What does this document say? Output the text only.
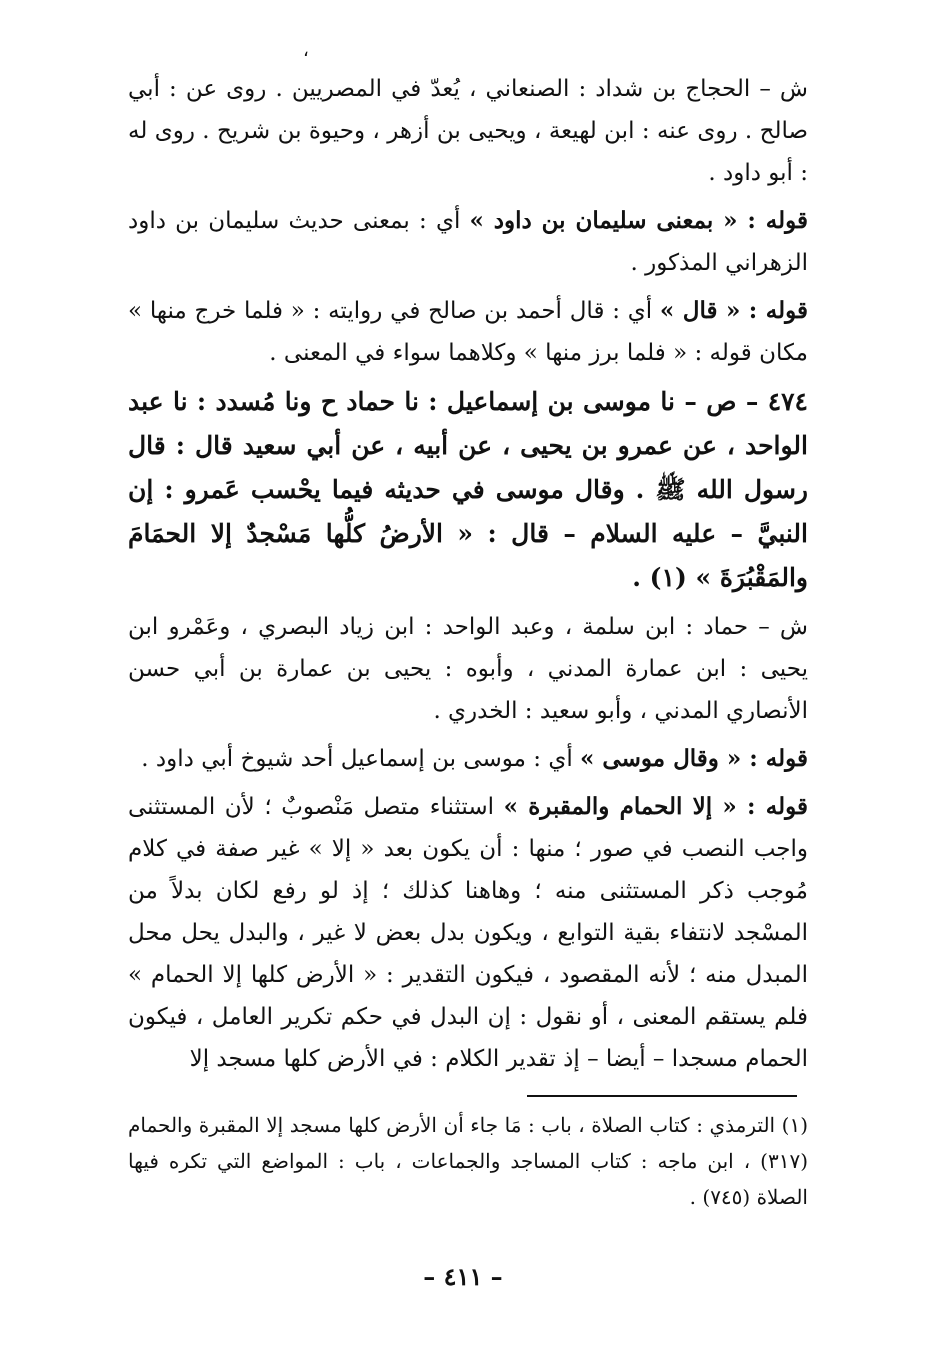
،

ش – الحجاج بن شداد : الصنعاني ، يُعدّ في المصريين . روى عن : أبي صالح . روى عنه : ابن لهيعة ، ويحيى بن أزهر ، وحيوة بن شريح . روى له : أبو داود .

قوله : « بمعنى سليمان بن داود » أي : بمعنى حديث سليمان بن داود الزهراني المذكور .

قوله : « قال » أي : قال أحمد بن صالح في روايته : « فلما خرج منها » مكان قوله : « فلما برز منها » وكلاهما سواء في المعنى .

٤٧٤ – ص – نا موسى بن إسماعيل : نا حماد ح ونا مُسدد : نا عبد الواحد ، عن عمرو بن يحيى ، عن أبيه ، عن أبي سعيد قال : قال رسول الله ﷺ . وقال موسى في حديثه فيما يحْسب عَمرو : إن النبيَّ – عليه السلام – قال : « الأرضُ كلُّها مَسْجدٌ إلا الحمَامَ والمَقْبُرَةَ » (١) .

ش – حماد : ابن سلمة ، وعبد الواحد : ابن زياد البصري ، وعَمْرو ابن يحيى : ابن عمارة المدني ، وأبوه : يحيى بن عمارة بن أبي حسن الأنصاري المدني ، وأبو سعيد : الخدري .

قوله : « وقال موسى » أي : موسى بن إسماعيل أحد شيوخ أبي داود .

قوله : « إلا الحمام والمقبرة » استثناء متصل مَنْصوبٌ ؛ لأن المستثنى واجب النصب في صور ؛ منها : أن يكون بعد « إلا » غير صفة في كلام مُوجب ذكر المستثنى منه ؛ وهاهنا كذلك ؛ إذ لو رفع لكان بدلاً من المسْجد لانتفاء بقية التوابع ، ويكون بدل بعض لا غير ، والبدل يحل محل المبدل منه ؛ لأنه المقصود ، فيكون التقدير : « الأرض كلها إلا الحمام » فلم يستقم المعنى ، أو نقول : إن البدل في حكم تكرير العامل ، فيكون الحمام مسجدا – أيضا – إذ تقدير الكلام : في الأرض كلها مسجد إلا

(١) الترمذي : كتاب الصلاة ، باب : مَا جاء أن الأرض كلها مسجد إلا المقبرة والحمام (٣١٧) ، ابن ماجه : كتاب المساجد والجماعات ، باب : المواضع التي تكره فيها الصلاة (٧٤٥) .
– ٤١١ –
